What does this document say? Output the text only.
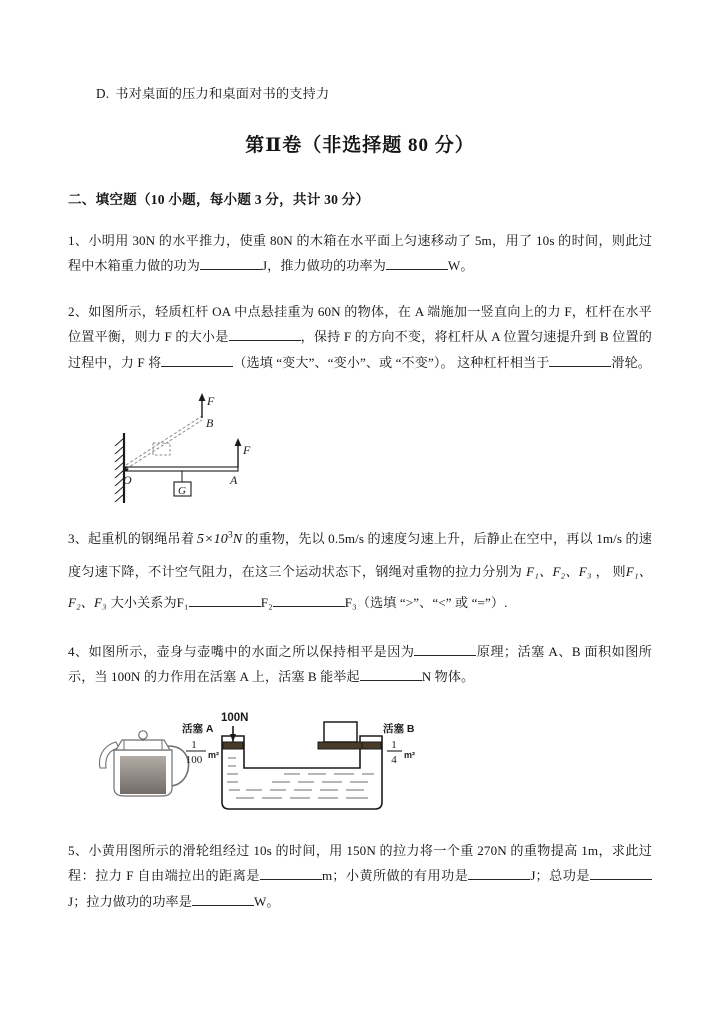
D. 书对桌面的压力和桌面对书的支持力
第Ⅱ卷（非选择题 80 分）
二、填空题（10 小题，每小题 3 分，共计 30 分）
1、小明用 30N 的水平推力，使重 80N 的木箱在水平面上匀速移动了 5m，用了 10s 的时间，则此过程中木箱重力做的功为	J，推力做功的功率为	W。
2、如图所示，轻质杠杆 OA 中点悬挂重为 60N 的物体，在 A 端施加一竖直向上的力 F，杠杆在水平位置平衡，则力 F 的大小是	，保持 F 的方向不变，将杠杆从 A 位置匀速提升到 B 位置的过程中，力 F 将	（选填 “变大”、“变小”、或 “不变”）。 这种杠杆相当于	滑轮。
F
B
F
O	A
G
3、起重机的钢绳吊着 $5\times 10^3N$ 的重物，先以 0.5m/s 的速度匀速上升，后静止在空中，再以 1m/s 的速度匀速下降，不计空气阻力，在这三个运动状态下，钢绳对重物的拉力分别为 F₁、F₂、F₃ ， 则F₁、F₂、F₃ 大小关系为F₁	F₂	F₃（选填 “>”、“<” 或 “=”）.
4、如图所示，壶身与壶嘴中的水面之所以保持相平是因为	原理；活塞 A、B 面积如图所示，当 100N 的力作用在活塞 A 上，活塞 B 能举起	N 物体。
活塞 A
100N
活塞 B
1
100 m²
1
4 m²
5、小黄用图所示的滑轮组经过 10s 的时间，用 150N 的拉力将一个重 270N 的重物提高 1m，求此过程：拉力 F 自由端拉出的距离是	m；小黄所做的有用功是	J；总功是J；拉力做功的功率是	W。
